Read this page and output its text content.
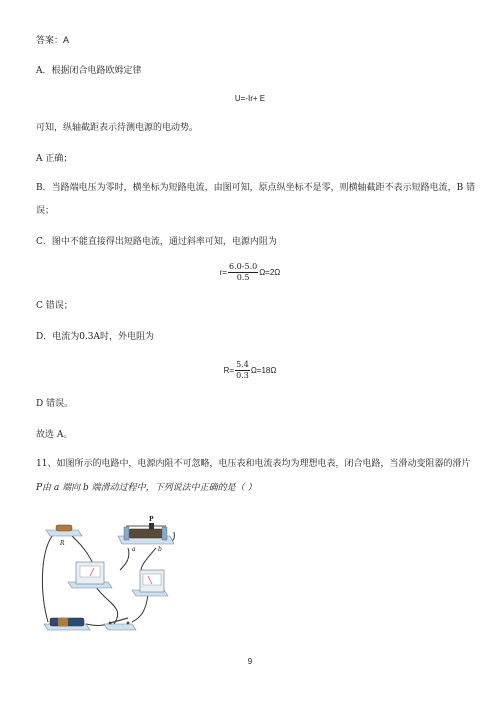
答案：A
A．根据闭合电路欧姆定律
U=-Ir+ E
可知，纵轴截距表示待测电源的电动势。
A 正确；
B．当路端电压为零时，横坐标为短路电流，由图可知，原点纵坐标不是零，则横轴截距不表示短路电流，B 错
误；
C．图中不能直接得出短路电流，通过斜率可知，电源内阻为
$r= \frac{6.0-5.0}{0.5} \Omega=2\Omega$
C 错误；
D．电流为0.3A时，外电阻为
$R= \frac{5.4}{0.3} \Omega=18\Omega$
D 错误。
故选 A。
11、如图所示的电路中，电源内阻不可忽略，电压表和电流表均为理想电表，闭合电路，当滑动变阻器的滑片
P由 a 端向 b 端滑动过程中，下列说法中正确的是（ ）
R
P
a	b
9
